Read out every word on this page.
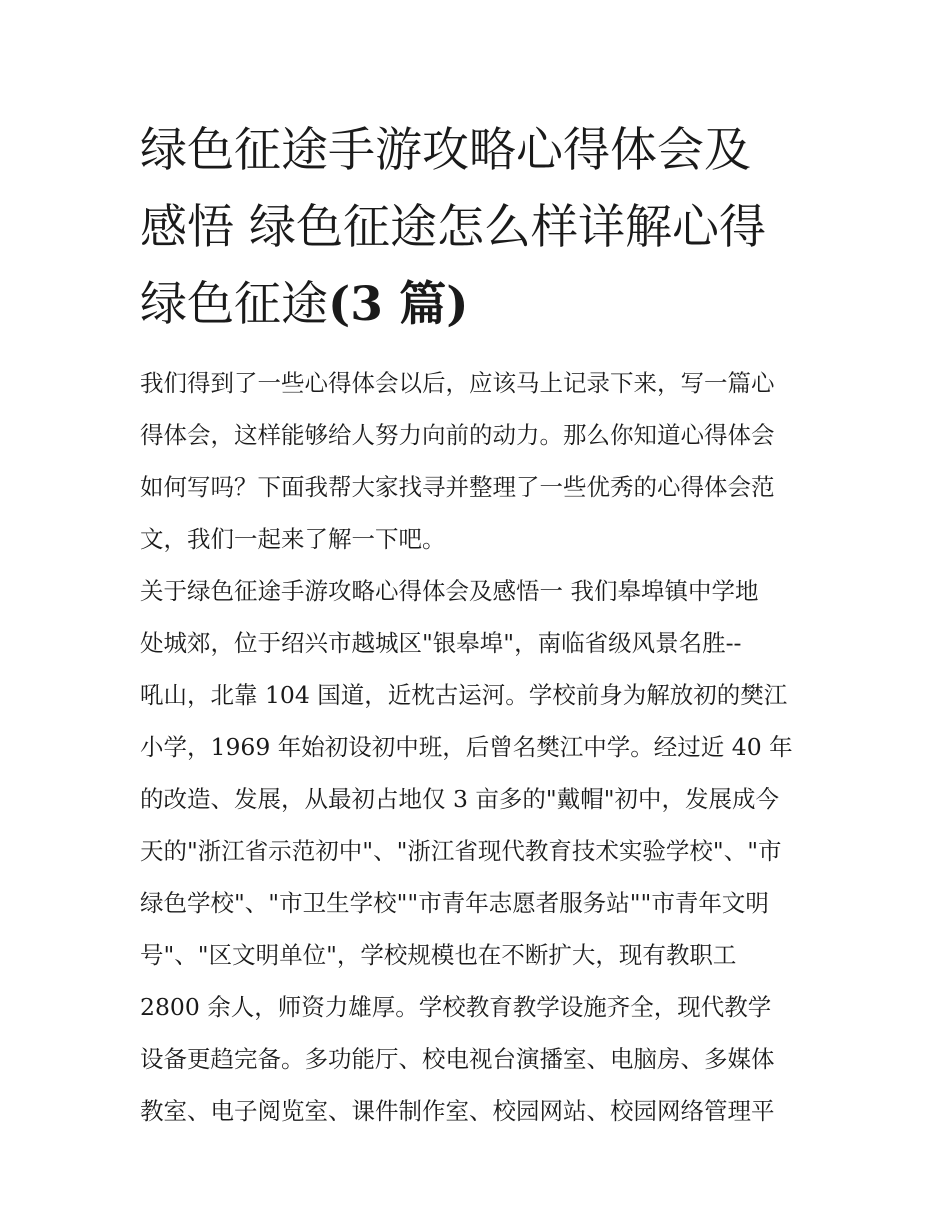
绿色征途手游攻略心得体会及
感悟 绿色征途怎么样详解心得
绿色征途(3 篇)
我们得到了一些心得体会以后，应该马上记录下来，写一篇心
得体会，这样能够给人努力向前的动力。那么你知道心得体会
如何写吗？下面我帮大家找寻并整理了一些优秀的心得体会范
文，我们一起来了解一下吧。
关于绿色征途手游攻略心得体会及感悟一 我们皋埠镇中学地
处城郊，位于绍兴市越城区"银皋埠"，南临省级风景名胜--
吼山，北靠 104 国道，近枕古运河。学校前身为解放初的樊江
小学，1969 年始初设初中班，后曾名樊江中学。经过近 40 年
的改造、发展，从最初占地仅 3 亩多的"戴帽"初中，发展成今
天的"浙江省示范初中"、"浙江省现代教育技术实验学校"、"市
绿色学校"、"市卫生学校""市青年志愿者服务站""市青年文明
号"、"区文明单位"，学校规模也在不断扩大，现有教职工
2800 余人，师资力雄厚。学校教育教学设施齐全，现代教学
设备更趋完备。多功能厅、校电视台演播室、电脑房、多媒体
教室、电子阅览室、课件制作室、校园网站、校园网络管理平
